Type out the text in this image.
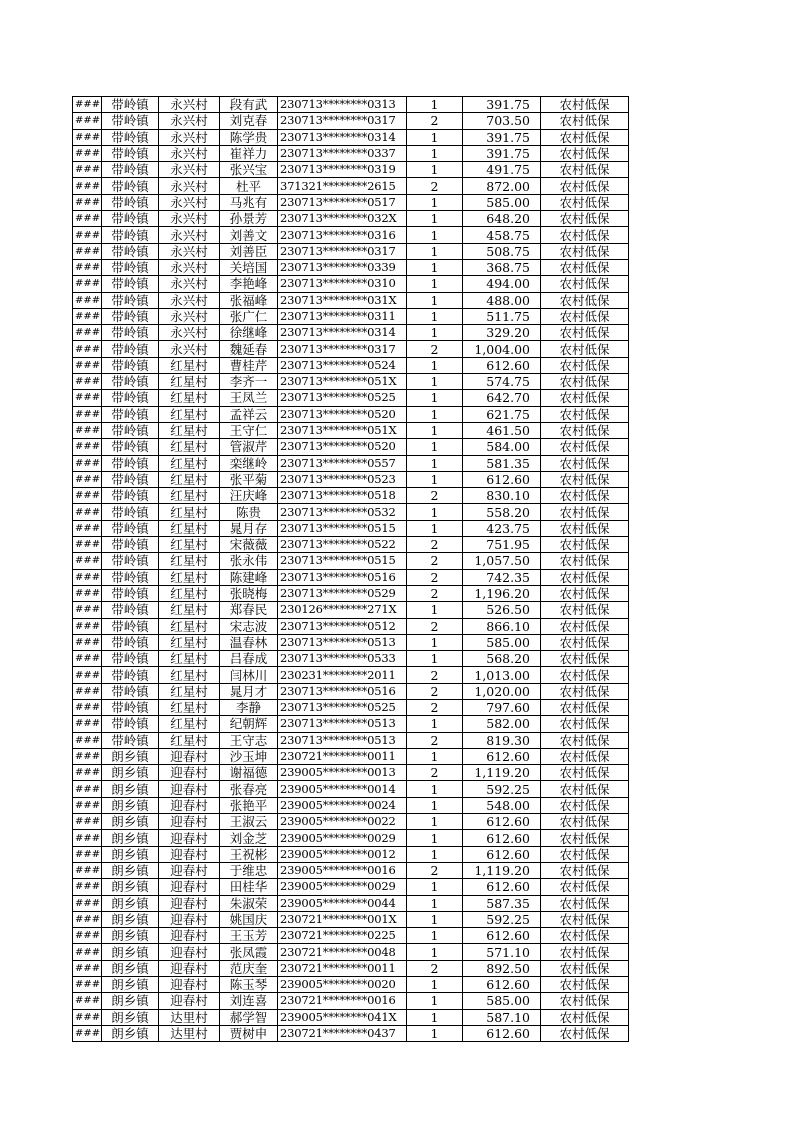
###	带岭镇	永兴村	段有武	230713********0313	1	391.75	农村低保
###	带岭镇	永兴村	刘克春	230713********0317	2	703.50	农村低保
###	带岭镇	永兴村	陈学贵	230713********0314	1	391.75	农村低保
###	带岭镇	永兴村	崔祥力	230713********0337	1	391.75	农村低保
###	带岭镇	永兴村	张兴宝	230713********0319	1	491.75	农村低保
###	带岭镇	永兴村	杜平	371321********2615	2	872.00	农村低保
###	带岭镇	永兴村	马兆有	230713********0517	1	585.00	农村低保
###	带岭镇	永兴村	孙景芳	230713********032X	1	648.20	农村低保
###	带岭镇	永兴村	刘善文	230713********0316	1	458.75	农村低保
###	带岭镇	永兴村	刘善臣	230713********0317	1	508.75	农村低保
###	带岭镇	永兴村	关培国	230713********0339	1	368.75	农村低保
###	带岭镇	永兴村	李艳峰	230713********0310	1	494.00	农村低保
###	带岭镇	永兴村	张福峰	230713********031X	1	488.00	农村低保
###	带岭镇	永兴村	张广仁	230713********0311	1	511.75	农村低保
###	带岭镇	永兴村	徐继峰	230713********0314	1	329.20	农村低保
###	带岭镇	永兴村	魏延春	230713********0317	2	1,004.00	农村低保
###	带岭镇	红星村	曹桂芹	230713********0524	1	612.60	农村低保
###	带岭镇	红星村	李齐一	230713********051X	1	574.75	农村低保
###	带岭镇	红星村	王凤兰	230713********0525	1	642.70	农村低保
###	带岭镇	红星村	孟祥云	230713********0520	1	621.75	农村低保
###	带岭镇	红星村	王守仁	230713********051X	1	461.50	农村低保
###	带岭镇	红星村	管淑芹	230713********0520	1	584.00	农村低保
###	带岭镇	红星村	栾继岭	230713********0557	1	581.35	农村低保
###	带岭镇	红星村	张平菊	230713********0523	1	612.60	农村低保
###	带岭镇	红星村	汪庆峰	230713********0518	2	830.10	农村低保
###	带岭镇	红星村	陈贵	230713********0532	1	558.20	农村低保
###	带岭镇	红星村	晁月存	230713********0515	1	423.75	农村低保
###	带岭镇	红星村	宋薇薇	230713********0522	2	751.95	农村低保
###	带岭镇	红星村	张永伟	230713********0515	2	1,057.50	农村低保
###	带岭镇	红星村	陈建峰	230713********0516	2	742.35	农村低保
###	带岭镇	红星村	张晓梅	230713********0529	2	1,196.20	农村低保
###	带岭镇	红星村	郑春民	230126********271X	1	526.50	农村低保
###	带岭镇	红星村	宋志波	230713********0512	2	866.10	农村低保
###	带岭镇	红星村	温春林	230713********0513	1	585.00	农村低保
###	带岭镇	红星村	吕春成	230713********0533	1	568.20	农村低保
###	带岭镇	红星村	闫林川	230231********2011	2	1,013.00	农村低保
###	带岭镇	红星村	晁月才	230713********0516	2	1,020.00	农村低保
###	带岭镇	红星村	李静	230713********0525	2	797.60	农村低保
###	带岭镇	红星村	纪朝辉	230713********0513	1	582.00	农村低保
###	带岭镇	红星村	王守志	230713********0513	2	819.30	农村低保
###	朗乡镇	迎春村	沙玉坤	230721********0011	1	612.60	农村低保
###	朗乡镇	迎春村	谢福德	239005********0013	2	1,119.20	农村低保
###	朗乡镇	迎春村	张春亮	239005********0014	1	592.25	农村低保
###	朗乡镇	迎春村	张艳平	239005********0024	1	548.00	农村低保
###	朗乡镇	迎春村	王淑云	239005********0022	1	612.60	农村低保
###	朗乡镇	迎春村	刘金芝	239005********0029	1	612.60	农村低保
###	朗乡镇	迎春村	王祝彬	239005********0012	1	612.60	农村低保
###	朗乡镇	迎春村	于维忠	239005********0016	2	1,119.20	农村低保
###	朗乡镇	迎春村	田桂华	239005********0029	1	612.60	农村低保
###	朗乡镇	迎春村	朱淑荣	239005********0044	1	587.35	农村低保
###	朗乡镇	迎春村	姚国庆	230721********001X	1	592.25	农村低保
###	朗乡镇	迎春村	王玉芳	230721********0225	1	612.60	农村低保
###	朗乡镇	迎春村	张凤霞	230721********0048	1	571.10	农村低保
###	朗乡镇	迎春村	范庆奎	230721********0011	2	892.50	农村低保
###	朗乡镇	迎春村	陈玉琴	239005********0020	1	612.60	农村低保
###	朗乡镇	迎春村	刘连喜	230721********0016	1	585.00	农村低保
###	朗乡镇	达里村	郝学智	239005********041X	1	587.10	农村低保
###	朗乡镇	达里村	贾树申	230721********0437	1	612.60	农村低保
